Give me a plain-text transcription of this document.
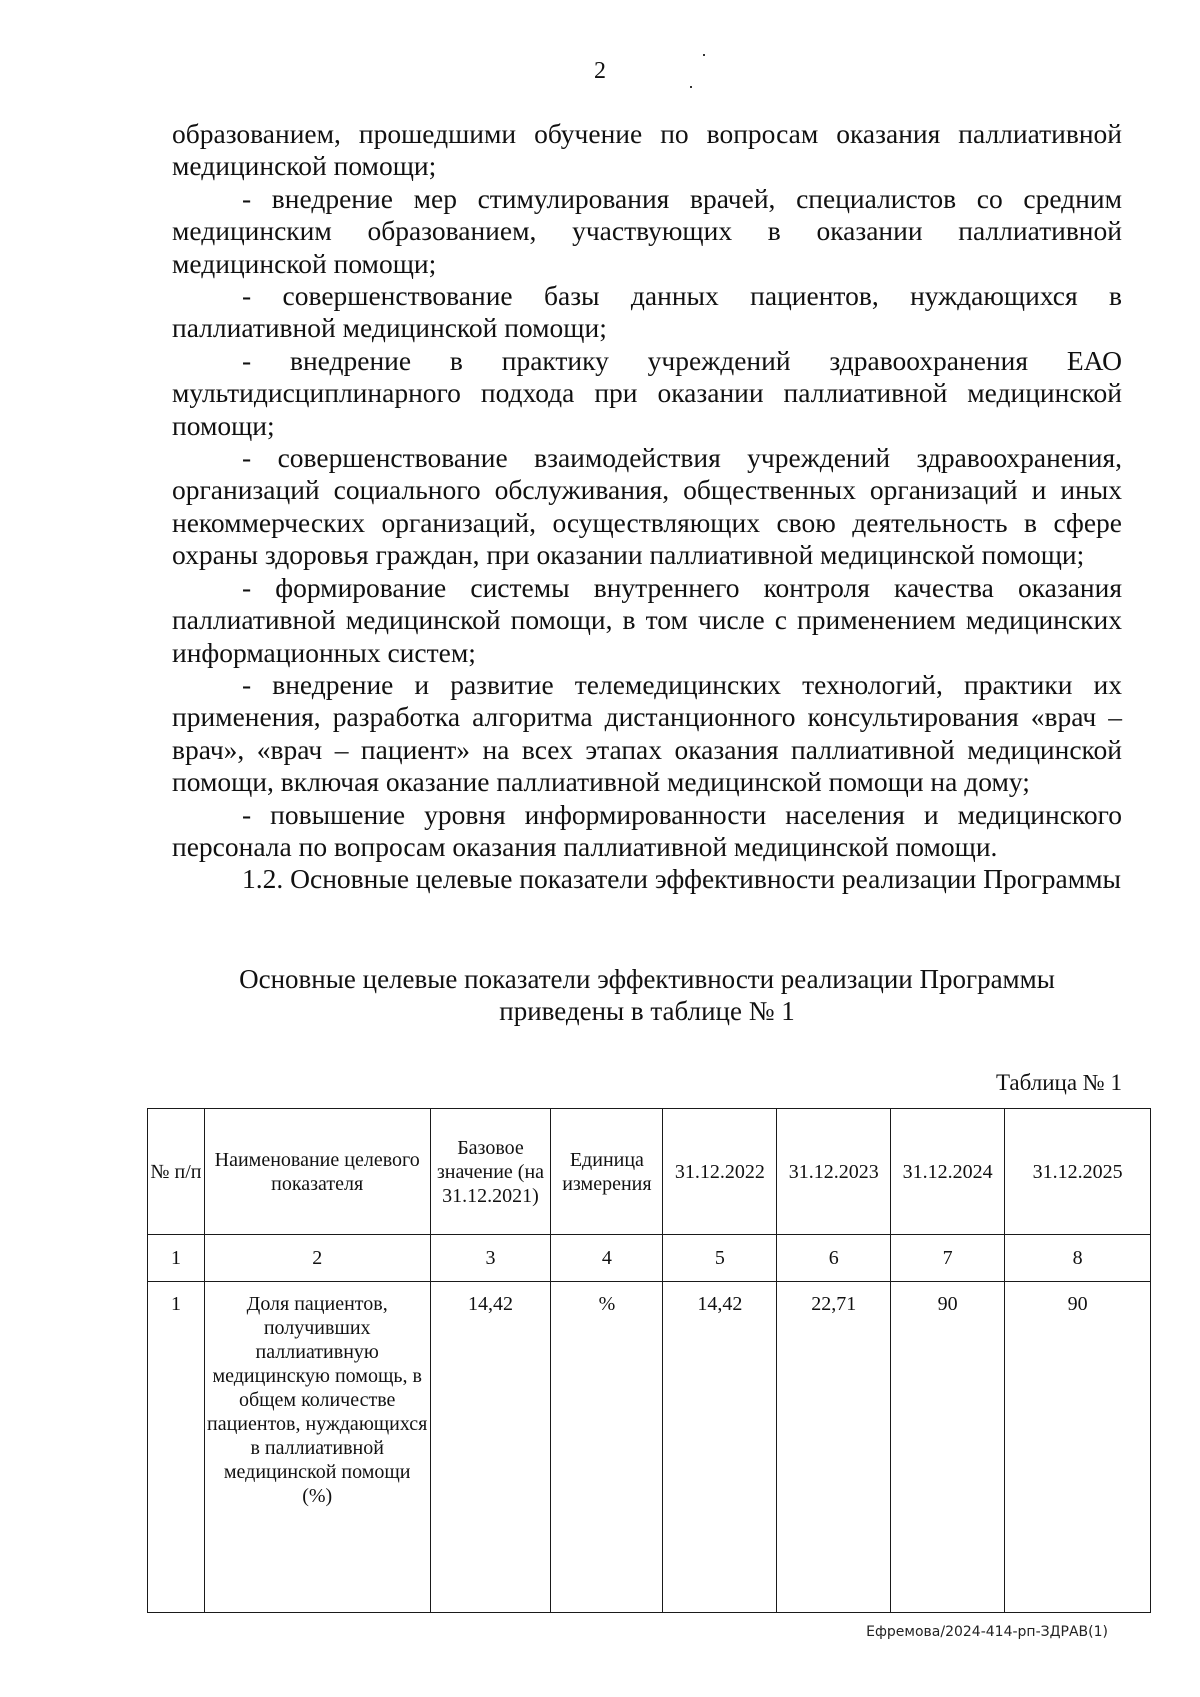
2

образованием, прошедшими обучение по вопросам оказания паллиативной медицинской помощи;

- внедрение мер стимулирования врачей, специалистов со средним медицинским образованием, участвующих в оказании паллиативной медицинской помощи;

- совершенствование базы данных пациентов, нуждающихся в паллиативной медицинской помощи;

- внедрение в практику учреждений здравоохранения ЕАО мультидисциплинарного подхода при оказании паллиативной медицинской помощи;

- совершенствование взаимодействия учреждений здравоохранения, организаций социального обслуживания, общественных организаций и иных некоммерческих организаций, осуществляющих свою деятельность в сфере охраны здоровья граждан, при оказании паллиативной медицинской помощи;

- формирование системы внутреннего контроля качества оказания паллиативной медицинской помощи, в том числе с применением медицинских информационных систем;

- внедрение и развитие телемедицинских технологий, практики их применения, разработка алгоритма дистанционного консультирования «врач – врач», «врач – пациент» на всех этапах оказания паллиативной медицинской помощи, включая оказание паллиативной медицинской помощи на дому;

- повышение уровня информированности населения и медицинского персонала по вопросам оказания паллиативной медицинской помощи.

1.2. Основные целевые показатели эффективности реализации Программы

Основные целевые показатели эффективности реализации Программы
приведены в таблице № 1
Таблица № 1
№ п/п	Наименование целевого показателя	Базовое значение (на 31.12.2021)	Единица измерения	31.12.2022	31.12.2023	31.12.2024	31.12.2025
1	2	3	4	5	6	7	8
1	Доля пациентов, получивших паллиативную медицинскую помощь, в общем количестве пациентов, нуждающихся в паллиативной медицинской помощи (%)	14,42	%	14,42	22,71	90	90
Ефремова/2024-414-рп-ЗДРАВ(1)
